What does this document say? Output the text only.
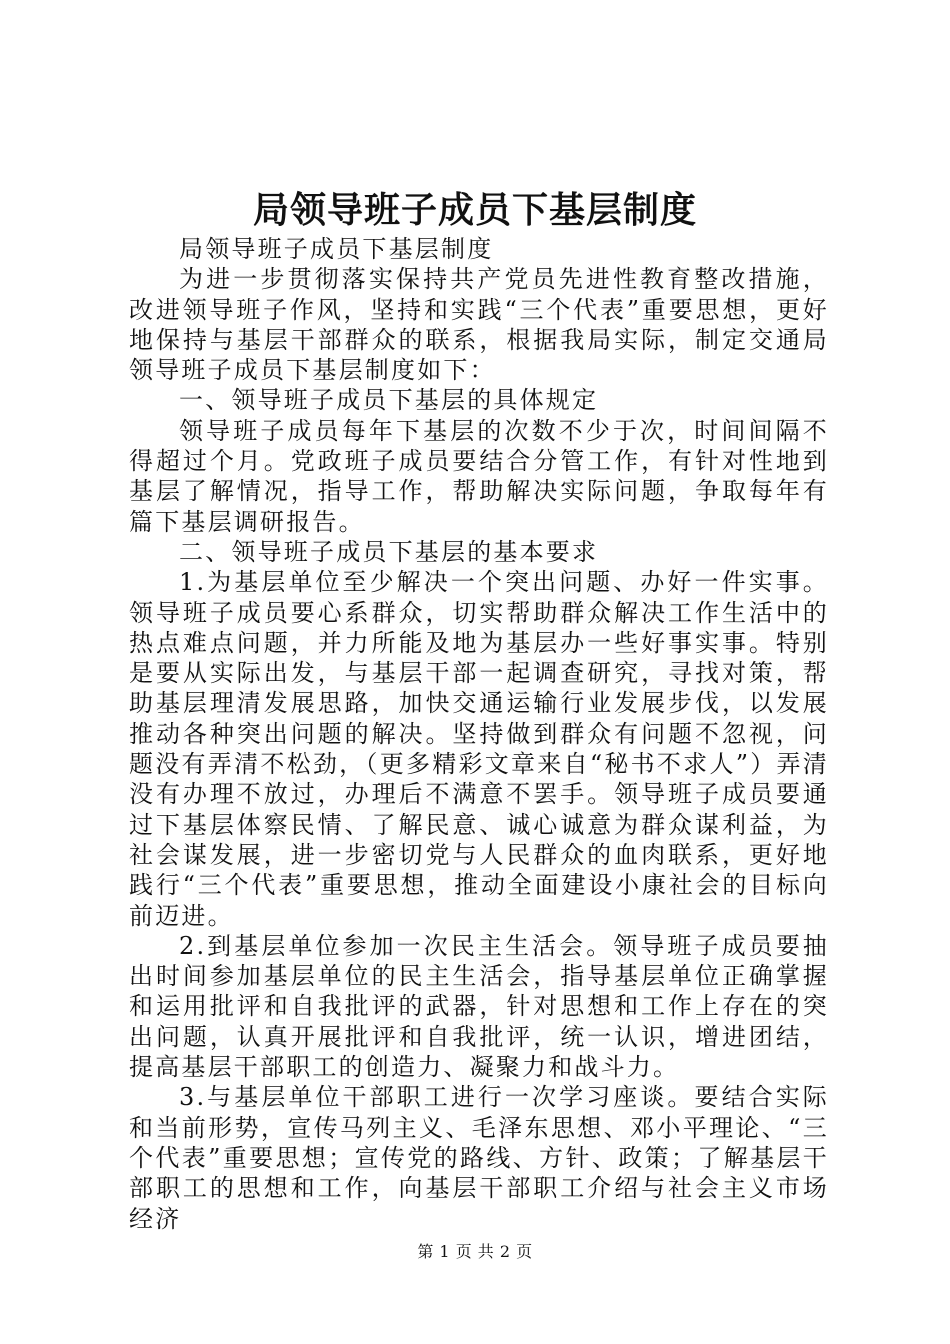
局领导班子成员下基层制度

局领导班子成员下基层制度

为进一步贯彻落实保持共产党员先进性教育整改措施，改进领导班子作风，坚持和实践“三个代表”重要思想，更好地保持与基层干部群众的联系，根据我局实际，制定交通局领导班子成员下基层制度如下：

一、领导班子成员下基层的具体规定

领导班子成员每年下基层的次数不少于次，时间间隔不得超过个月。党政班子成员要结合分管工作，有针对性地到基层了解情况，指导工作，帮助解决实际问题，争取每年有篇下基层调研报告。

二、领导班子成员下基层的基本要求

1.为基层单位至少解决一个突出问题、办好一件实事。领导班子成员要心系群众，切实帮助群众解决工作生活中的热点难点问题，并力所能及地为基层办一些好事实事。特别是要从实际出发，与基层干部一起调查研究，寻找对策，帮助基层理清发展思路，加快交通运输行业发展步伐，以发展推动各种突出问题的解决。坚持做到群众有问题不忽视，问题没有弄清不松劲，（更多精彩文章来自“秘书不求人”）弄清没有办理不放过，办理后不满意不罢手。领导班子成员要通过下基层体察民情、了解民意、诚心诚意为群众谋利益，为社会谋发展，进一步密切党与人民群众的血肉联系，更好地践行“三个代表”重要思想，推动全面建设小康社会的目标向前迈进。

2.到基层单位参加一次民主生活会。领导班子成员要抽出时间参加基层单位的民主生活会，指导基层单位正确掌握和运用批评和自我批评的武器，针对思想和工作上存在的突出问题，认真开展批评和自我批评，统一认识，增进团结，提高基层干部职工的创造力、凝聚力和战斗力。

3.与基层单位干部职工进行一次学习座谈。要结合实际和当前形势，宣传马列主义、毛泽东思想、邓小平理论、“三个代表”重要思想；宣传党的路线、方针、政策；了解基层干部职工的思想和工作，向基层干部职工介绍与社会主义市场经济

第 1 页 共 2 页
